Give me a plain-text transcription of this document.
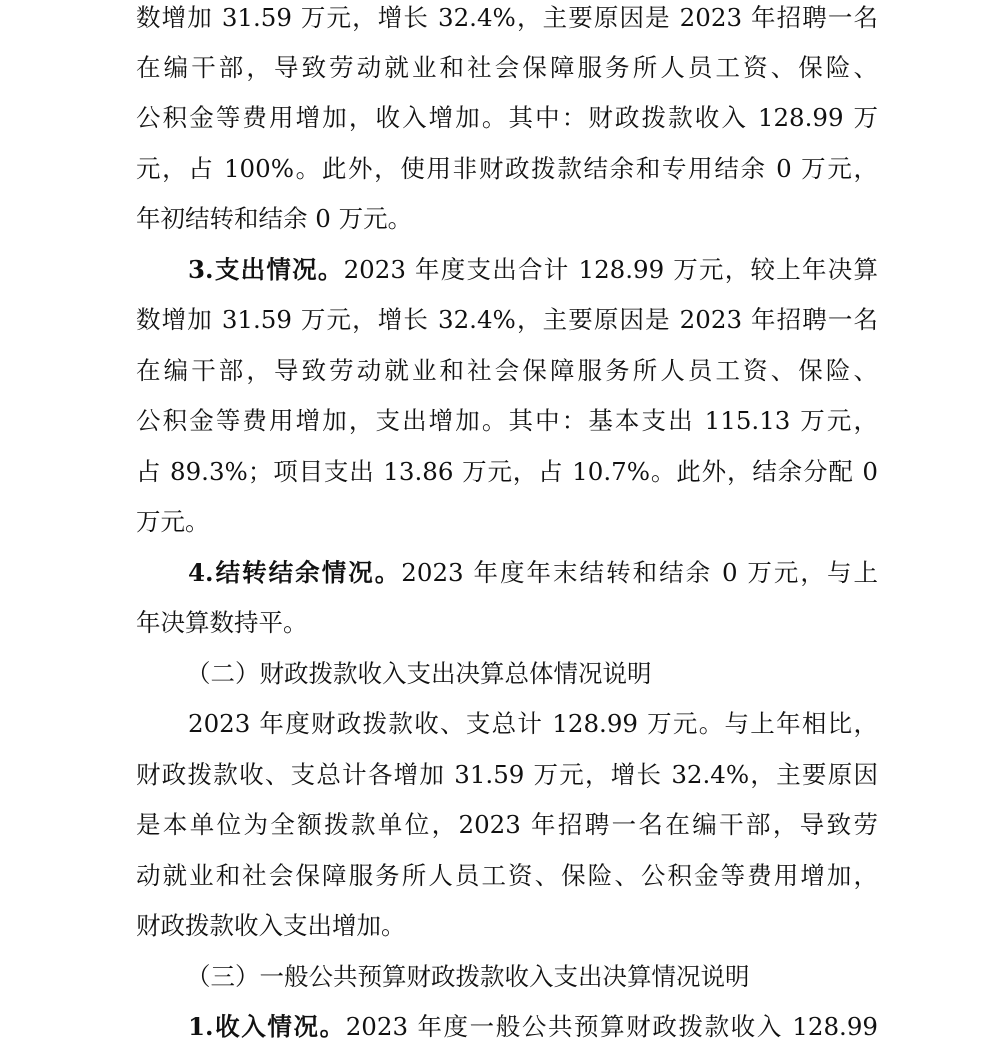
数增加 31.59 万元，增长 32.4%，主要原因是 2023 年招聘一名
在编干部，导致劳动就业和社会保障服务所人员工资、保险、
公积金等费用增加，收入增加。其中：财政拨款收入 128.99 万
元，占 100%。此外，使用非财政拨款结余和专用结余 0 万元，
年初结转和结余 0 万元。
3.支出情况。2023 年度支出合计 128.99 万元，较上年决算
数增加 31.59 万元，增长 32.4%，主要原因是 2023 年招聘一名
在编干部，导致劳动就业和社会保障服务所人员工资、保险、
公积金等费用增加，支出增加。其中：基本支出 115.13 万元，
占 89.3%；项目支出 13.86 万元，占 10.7%。此外，结余分配 0
万元。
4.结转结余情况。2023 年度年末结转和结余 0 万元，与上
年决算数持平。
（二）财政拨款收入支出决算总体情况说明
2023 年度财政拨款收、支总计 128.99 万元。与上年相比，
财政拨款收、支总计各增加 31.59 万元，增长 32.4%，主要原因
是本单位为全额拨款单位，2023 年招聘一名在编干部，导致劳
动就业和社会保障服务所人员工资、保险、公积金等费用增加，
财政拨款收入支出增加。
（三）一般公共预算财政拨款收入支出决算情况说明
1.收入情况。2023 年度一般公共预算财政拨款收入 128.99
